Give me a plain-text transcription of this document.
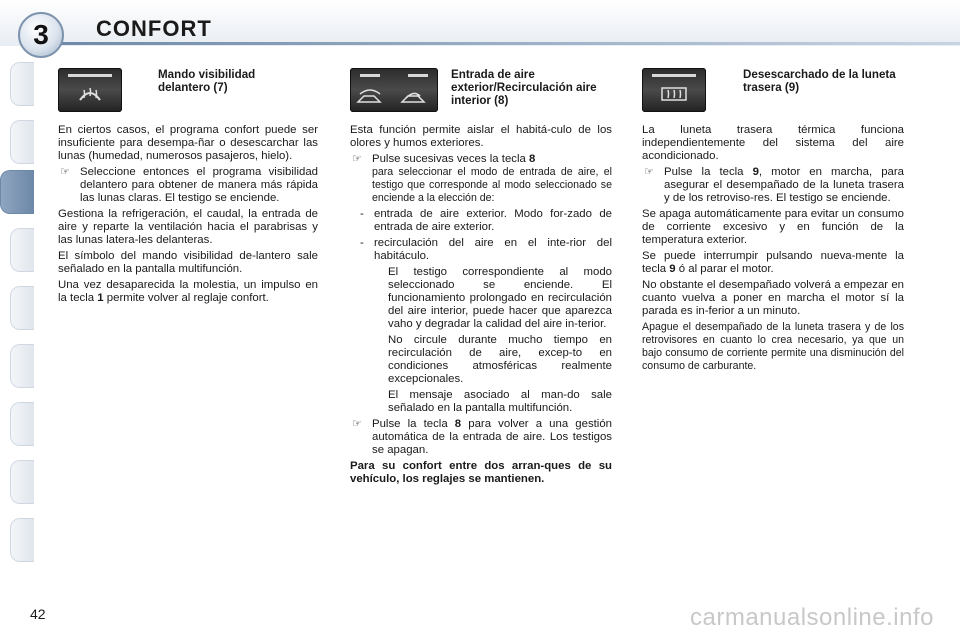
3	CONFORT
Mando visibilidad delantero (7)

En ciertos casos, el programa confort puede ser insuficiente para desempa-ñar o desescarchar las lunas (humedad, numerosos pasajeros, hielo).

☞ Seleccione entonces el programa visibilidad delantero para obtener de manera más rápida las lunas claras. El testigo se enciende.

Gestiona la refrigeración, el caudal, la entrada de aire y reparte la ventilación hacia el parabrisas y las lunas latera-les delanteras.

El símbolo del mando visibilidad de-lantero sale señalado en la pantalla multifunción.

Una vez desaparecida la molestia, un impulso en la tecla 1 permite volver al reglaje confort.

Entrada de aire exterior/Recirculación aire interior (8)

Esta función permite aislar el habitá-culo de los olores y humos exteriores.

☞ Pulse sucesivas veces la tecla 8
para seleccionar el modo de entrada de aire, el testigo que corresponde al modo seleccionado se enciende a la elección de:
- entrada de aire exterior. Modo for-zado de entrada de aire exterior.
- recirculación del aire en el inte-rior del habitáculo.
El testigo correspondiente al modo seleccionado se enciende. El funcionamiento prolongado en recirculación del aire interior, puede hacer que aparezca vaho y degradar la calidad del aire in-terior.
No circule durante mucho tiempo en recirculación de aire, excep-to en condiciones atmosféricas realmente excepcionales.
El mensaje asociado al man-do sale señalado en la pantalla multifunción.
☞ Pulse la tecla 8 para volver a una gestión automática de la entrada de aire. Los testigos se apagan.

Para su confort entre dos arran-ques de su vehículo, los reglajes se mantienen.

Desescarchado de la luneta trasera (9)

La luneta trasera térmica funciona independientemente del sistema del aire acondicionado.

☞ Pulse la tecla 9, motor en marcha, para asegurar el desempañado de la luneta trasera y de los retroviso-res. El testigo se enciende.

Se apaga automáticamente para evitar un consumo de corriente excesivo y en función de la temperatura exterior.

Se puede interrumpir pulsando nueva-mente la tecla 9 ó al parar el motor.

No obstante el desempañado volverá a empezar en cuanto vuelva a poner en marcha el motor sí la parada es in-ferior a un minuto.

Apague el desempañado de la luneta trasera y de los retrovisores en cuanto lo crea necesario, ya que un bajo consumo de corriente permite una disminución del consumo de carburante.

42	carmanualsonline.info
